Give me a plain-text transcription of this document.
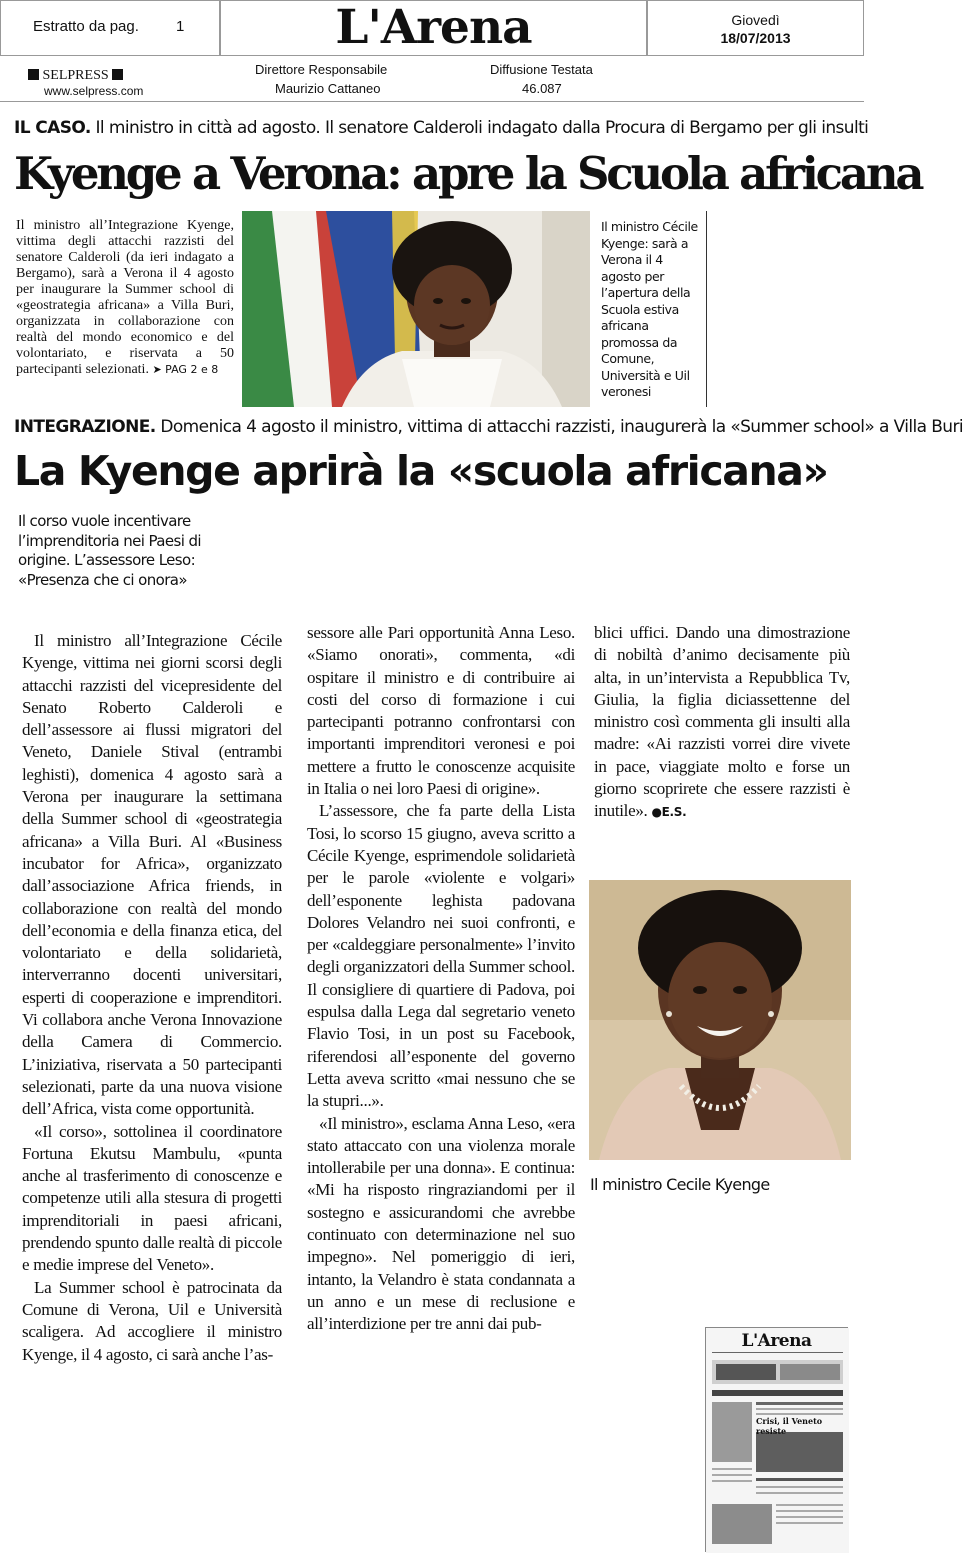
Estratto da pag. 1	L'Arena	Giovedì
18/07/2013
SELPRESS
www.selpress.com
Direttore Responsabile
Maurizio Cattaneo
Diffusione Testata
46.087
IL CASO. Il ministro in città ad agosto. Il senatore Calderoli indagato dalla Procura di Bergamo per gli insulti
Kyenge a Verona: apre la Scuola africana
Il ministro all’Integrazione Kyenge, vittima degli attacchi razzisti del senatore Calderoli (da ieri indagato a Bergamo), sarà a Verona il 4 agosto per inaugurare la Summer school di «geostrategia africana» a Villa Buri, organizzata in collaborazione con realtà del mondo economico e del volontariato, e riservata a 50 partecipanti selezionati. ➤ PAG 2 e 8
Il ministro Cécile Kyenge: sarà a Verona il 4 agosto per l’apertura della Scuola estiva africana promossa da Comune, Università e Uil veronesi
INTEGRAZIONE. Domenica 4 agosto il ministro, vittima di attacchi razzisti, inaugurerà la «Summer school» a Villa Buri
La Kyenge aprirà la «scuola africana»
Il corso vuole incentivare l’imprenditoria nei Paesi di origine. L’assessore Leso: «Presenza che ci onora»

Il ministro all’Integrazione Cécile Kyenge, vittima nei giorni scorsi degli attacchi razzisti del vicepresidente del Senato Roberto Calderoli e dell’assessore ai flussi migratori del Veneto, Daniele Stival (entrambi leghisti), domenica 4 agosto sarà a Verona per inaugurare la settimana della Summer school di «geostrategia africana» a Villa Buri. Al «Business incubator for Africa», organizzato dall’associazione Africa friends, in collaborazione con realtà del mondo dell’economia e della finanza etica, del volontariato e della solidarietà, interverranno docenti universitari, esperti di cooperazione e imprenditori. Vi collabora anche Verona Innovazione della Camera di Commercio. L’iniziativa, riservata a 50 partecipanti selezionati, parte da una nuova visione dell’Africa, vista come opportunità.

«Il corso», sottolinea il coordinatore Fortuna Ekutsu Mambulu, «punta anche al trasferimento di conoscenze e competenze utili alla stesura di progetti imprenditoriali in paesi africani, prendendo spunto dalle realtà di piccole e medie imprese del Veneto».

La Summer school è patrocinata da Comune di Verona, Uil e Università scaligera. Ad accogliere il ministro Kyenge, il 4 agosto, ci sarà anche l’as-

sessore alle Pari opportunità Anna Leso. «Siamo onorati», commenta, «di ospitare il ministro e di contribuire ai costi del corso di formazione i cui partecipanti potranno confrontarsi con importanti imprenditori veronesi e poi mettere a frutto le conoscenze acquisite in Italia o nei loro Paesi di origine».

L’assessore, che fa parte della Lista Tosi, lo scorso 15 giugno, aveva scritto a Cécile Kyenge, esprimendole solidarietà per le parole «violente e volgari» dell’esponente leghista padovana Dolores Velandro nei suoi confronti, e per «caldeggiare personalmente» l’invito degli organizzatori della Summer school. Il consigliere di quartiere di Padova, poi espulsa dalla Lega dal segretario veneto Flavio Tosi, in un post su Facebook, riferendosi all’esponente del governo Letta aveva scritto «mai nessuno che se la stupri...».

«Il ministro», esclama Anna Leso, «era stato attaccato con una violenza morale intollerabile per una donna». E continua: «Mi ha risposto ringraziandomi per il sostegno e assicurandomi che avrebbe continuato con determinazione nel suo impegno». Nel pomeriggio di ieri, intanto, la Velandro è stata condannata a un anno e un mese di reclusione e all’interdizione per tre anni dai pub-

blici uffici. Dando una dimostrazione di nobiltà d’animo decisamente più alta, in un’intervista a Repubblica Tv, Giulia, la figlia diciassettenne del ministro così commenta gli insulti alla madre: «Ai razzisti vorrei dire vivete in pace, viaggiate molto e forse un giorno scoprirete che essere razzisti è inutile». ●E.S.

Il ministro Cecile Kyenge
L'Arena
Crisi, il Veneto resiste
